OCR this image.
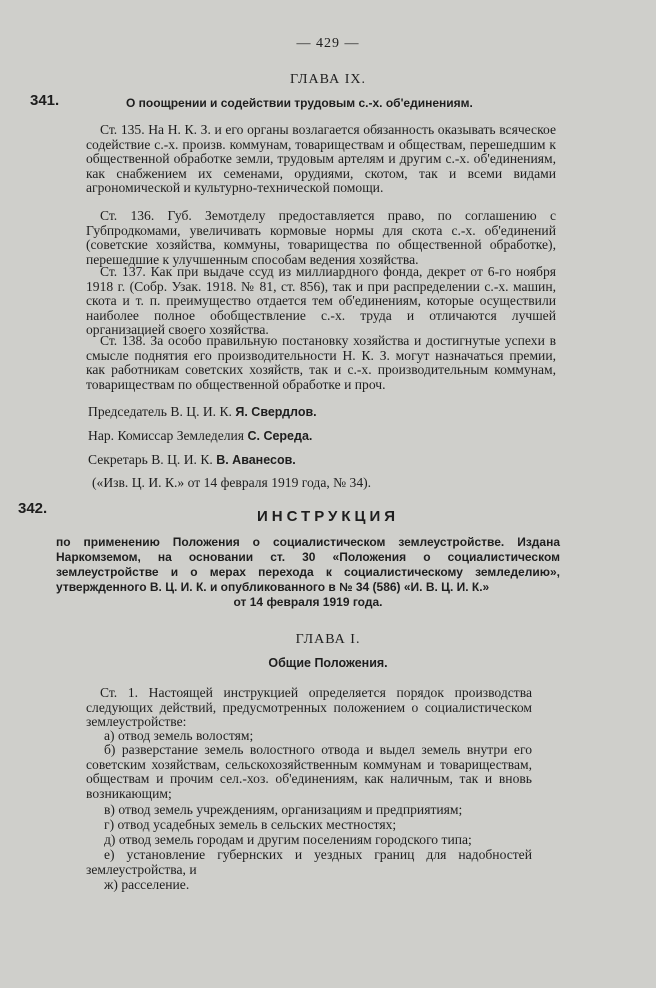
— 429 —
ГЛАВА IX.
341.	О поощрении и содействии трудовым с.-х. об'единениям.

Ст. 135. На Н. К. З. и его органы возлагается обязанность оказывать всяческое содействие с.-х. произв. коммунам, товариществам и обществам, перешедшим к общественной обработке земли, трудовым артелям и другим с.-х. об'единениям, как снабжением их семенами, орудиями, скотом, так и всеми видами агрономической и культурно-технической помощи.

Ст. 136. Губ. Земотделу предоставляется право, по соглашению с Губпродкомами, увеличивать кормовые нормы для скота с.-х. об'единений (советские хозяйства, коммуны, товарищества по общественной обработке), перешедшие к улучшенным способам ведения хозяйства.

Ст. 137. Как при выдаче ссуд из миллиардного фонда, декрет от 6-го ноября 1918 г. (Собр. Узак. 1918. № 81, ст. 856), так и при распределении с.-х. машин, скота и т. п. преимущество отдается тем об'единениям, которые осуществили наиболее полное обобществление с.-х. труда и отличаются лучшей организацией своего хозяйства.

Ст. 138. За особо правильную постановку хозяйства и достигнутые успехи в смысле поднятия его производительности Н. К. З. могут назначаться премии, как работникам советских хозяйств, так и с.-х. производительным коммунам, товариществам по общественной обработке и проч.

Председатель В. Ц. И. К. Я. Свердлов.
Нар. Комиссар Земледелия С. Середа.
Секретарь В. Ц. И. К. В. Аванесов.
(«Изв. Ц. И. К.» от 14 февраля 1919 года, № 34).
342.	ИНСТРУКЦИЯ

по применению Положения о социалистическом землеустройстве. Издана Наркомземом, на основании ст. 30 «Положения о социалистическом землеустройстве и о мерах перехода к социалистическому земледелию», утвержденного В. Ц. И. К. и опубликованного в № 34 (586) «И. В. Ц. И. К.»
от 14 февраля 1919 года.

ГЛАВА I.
Общие Положения.

Ст. 1. Настоящей инструкцией определяется порядок производства следующих действий, предусмотренных положением о социалистическом землеустройстве:

а) отвод земель волостям;

б) разверстание земель волостного отвода и выдел земель внутри его советским хозяйствам, сельскохозяйственным коммунам и товариществам, обществам и прочим сел.-хоз. об'единениям, как наличным, так и вновь возникающим;

в) отвод земель учреждениям, организациям и предприятиям;

г) отвод усадебных земель в сельских местностях;

д) отвод земель городам и другим поселениям городского типа;

е) установление губернских и уездных границ для надобностей землеустройства, и

ж) расселение.
